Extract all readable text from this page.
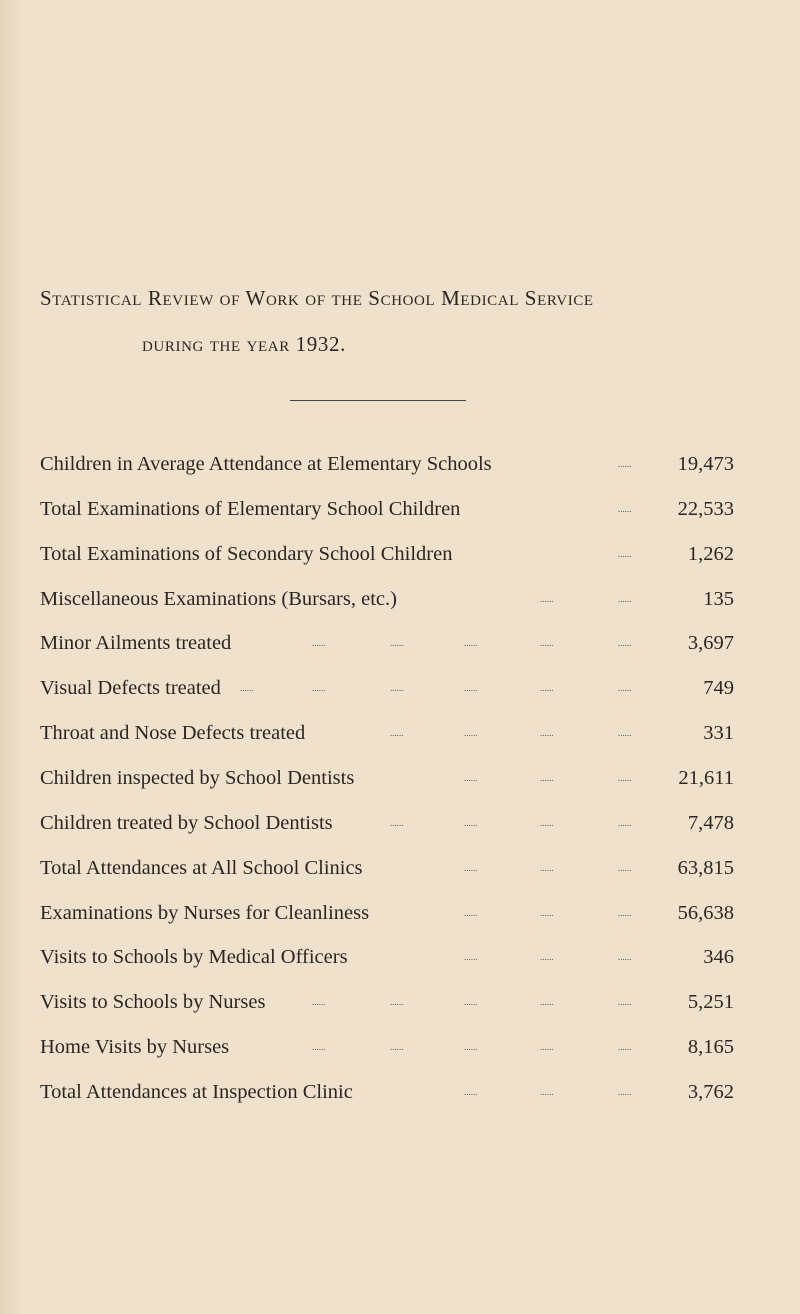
Statistical Review of Work of the School Medical Service
during the year 1932.
Children in Average Attendance at Elementary Schools	...... 19,473
Total Examinations of Elementary School Children	...... 22,533
Total Examinations of Secondary School Children	......	1,262
Miscellaneous Examinations (Bursars, etc.)	......	......	135
Minor Ailments treated	......	......	......	......	......	3,697
Visual Defects treated ......	......	......	......	......	......	749
Throat and Nose Defects treated	......	......	......	......	331
Children inspected by School Dentists	......	......	...... 21,611
Children treated by School Dentists	......	......	......	......	7,478
Total Attendances at All School Clinics	......	......	...... 63,815
Examinations by Nurses for Cleanliness	......	......	...... 56,638
Visits to Schools by Medical Officers	......	......	......	346
Visits to Schools by Nurses	......	......	......	......	......	5,251
Home Visits by Nurses	......	......	......	......	......	8,165
Total Attendances at Inspection Clinic	......	......	......	3,762
